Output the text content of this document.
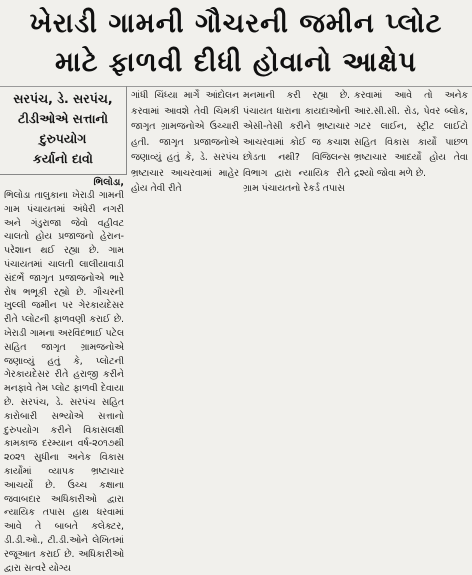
ખેરાડી ગામની ગૌચરની જમીન પ્લોટ
માટે ફાળવી દીધી હોવાનો આક્ષેપ
સરપંચ, ડે. સરપંચ,
ટીડીઓએ સત્તાનો
દુરુપયોગ
કર્યાનો દાવો
ભિલોડા,
ભિલોડા તાલુકાના ખેરાડી ગામની ગામ પંચાયતમાં અંધેરી નગરી અને ગંડુરાજા જેવો વહીવટ ચાલતો હોય પ્રજાજનો હેરાન-પરેશાન થઈ રહ્યા છે. ગામ પંચાયતમાં ચાલતી લાલીયાવાડી સંદર્ભે જાગૃત પ્રજાજનોએ ભારે રોષ ભભૂકી રહ્યો છે. ગૌચરની ખુલ્લી જમીન પર ગેરકાયદેસર રીતે પ્લોટની ફાળવણી કરાઈ છે. ખેરાડી ગામના અરવિંદભાઈ પટેલ સહિત જાગૃત ગ્રામજનોએ જણાવ્યું હતું કે, પ્લોટની ગેરકાયદેસર રીતે હરાજી કરીને મનફાવે તેમ પ્લોટ ફાળવી દેવાયા છે. સરપંચ, ડે. સરપંચ સહિત કારોબારી સભ્યોએ સત્તાનો દુરુપયોગ કરીને વિકાસલક્ષી કામકાજ દરમ્યાન વર્ષ-૨૦૧૭થી ૨૦૨૧ સુધીના અનેક વિકાસ કાર્યોમાં વ્યાપક ભ્રષ્ટાચાર આચર્યો છે. ઉચ્ચ કક્ષાના જવાબદાર અધિકારીઓ દ્વારા ન્યાયિક તપાસ હાથ ધરવામાં આવે તે બાબતે કલેક્ટર, ડી.ડી.ઓ., ટી.ડી.ઓને લેખિતમાં રજૂઆત કરાઈ છે. અધિકારીઓ દ્વારા સત્વરે યોગ્ય
ગાંધી ચિંધ્યા માર્ગે આંદોલન કરવામાં આવશે તેવી ચિમકી જાગૃત ગ્રામજનોએ ઉચ્ચારી હતી. જાગૃત પ્રજાજનોએ જણાવ્યું હતું કે, ડે. સરપંચ ભ્રષ્ટાચાર આચરવામાં માહેર હોય તેવી રીતે
મનમાની કરી રહ્યા છે. પંચાયત ધારાના કાયદાઓની એસી-તેસી કરીને ભ્રષ્ટાચાર આચરવામાં કોઈ જ કચાશ છોડતા નથી? વિજિલન્સ વિભાગ દ્વારા ન્યાયિક રીતે ગ્રામ પંચાયતનો રેકર્ડ તપાસ
કરવામાં આવે તો અનેક આર.સી.સી. રોડ, પેવર બ્લોક, ગટર લાઈન, સ્ટ્રીટ લાઈટો સહિત વિકાસ કાર્યો પાછળ ભ્રષ્ટાચાર આદર્યો હોય તેવા દ્રશ્યો જોવા મળે છે.
